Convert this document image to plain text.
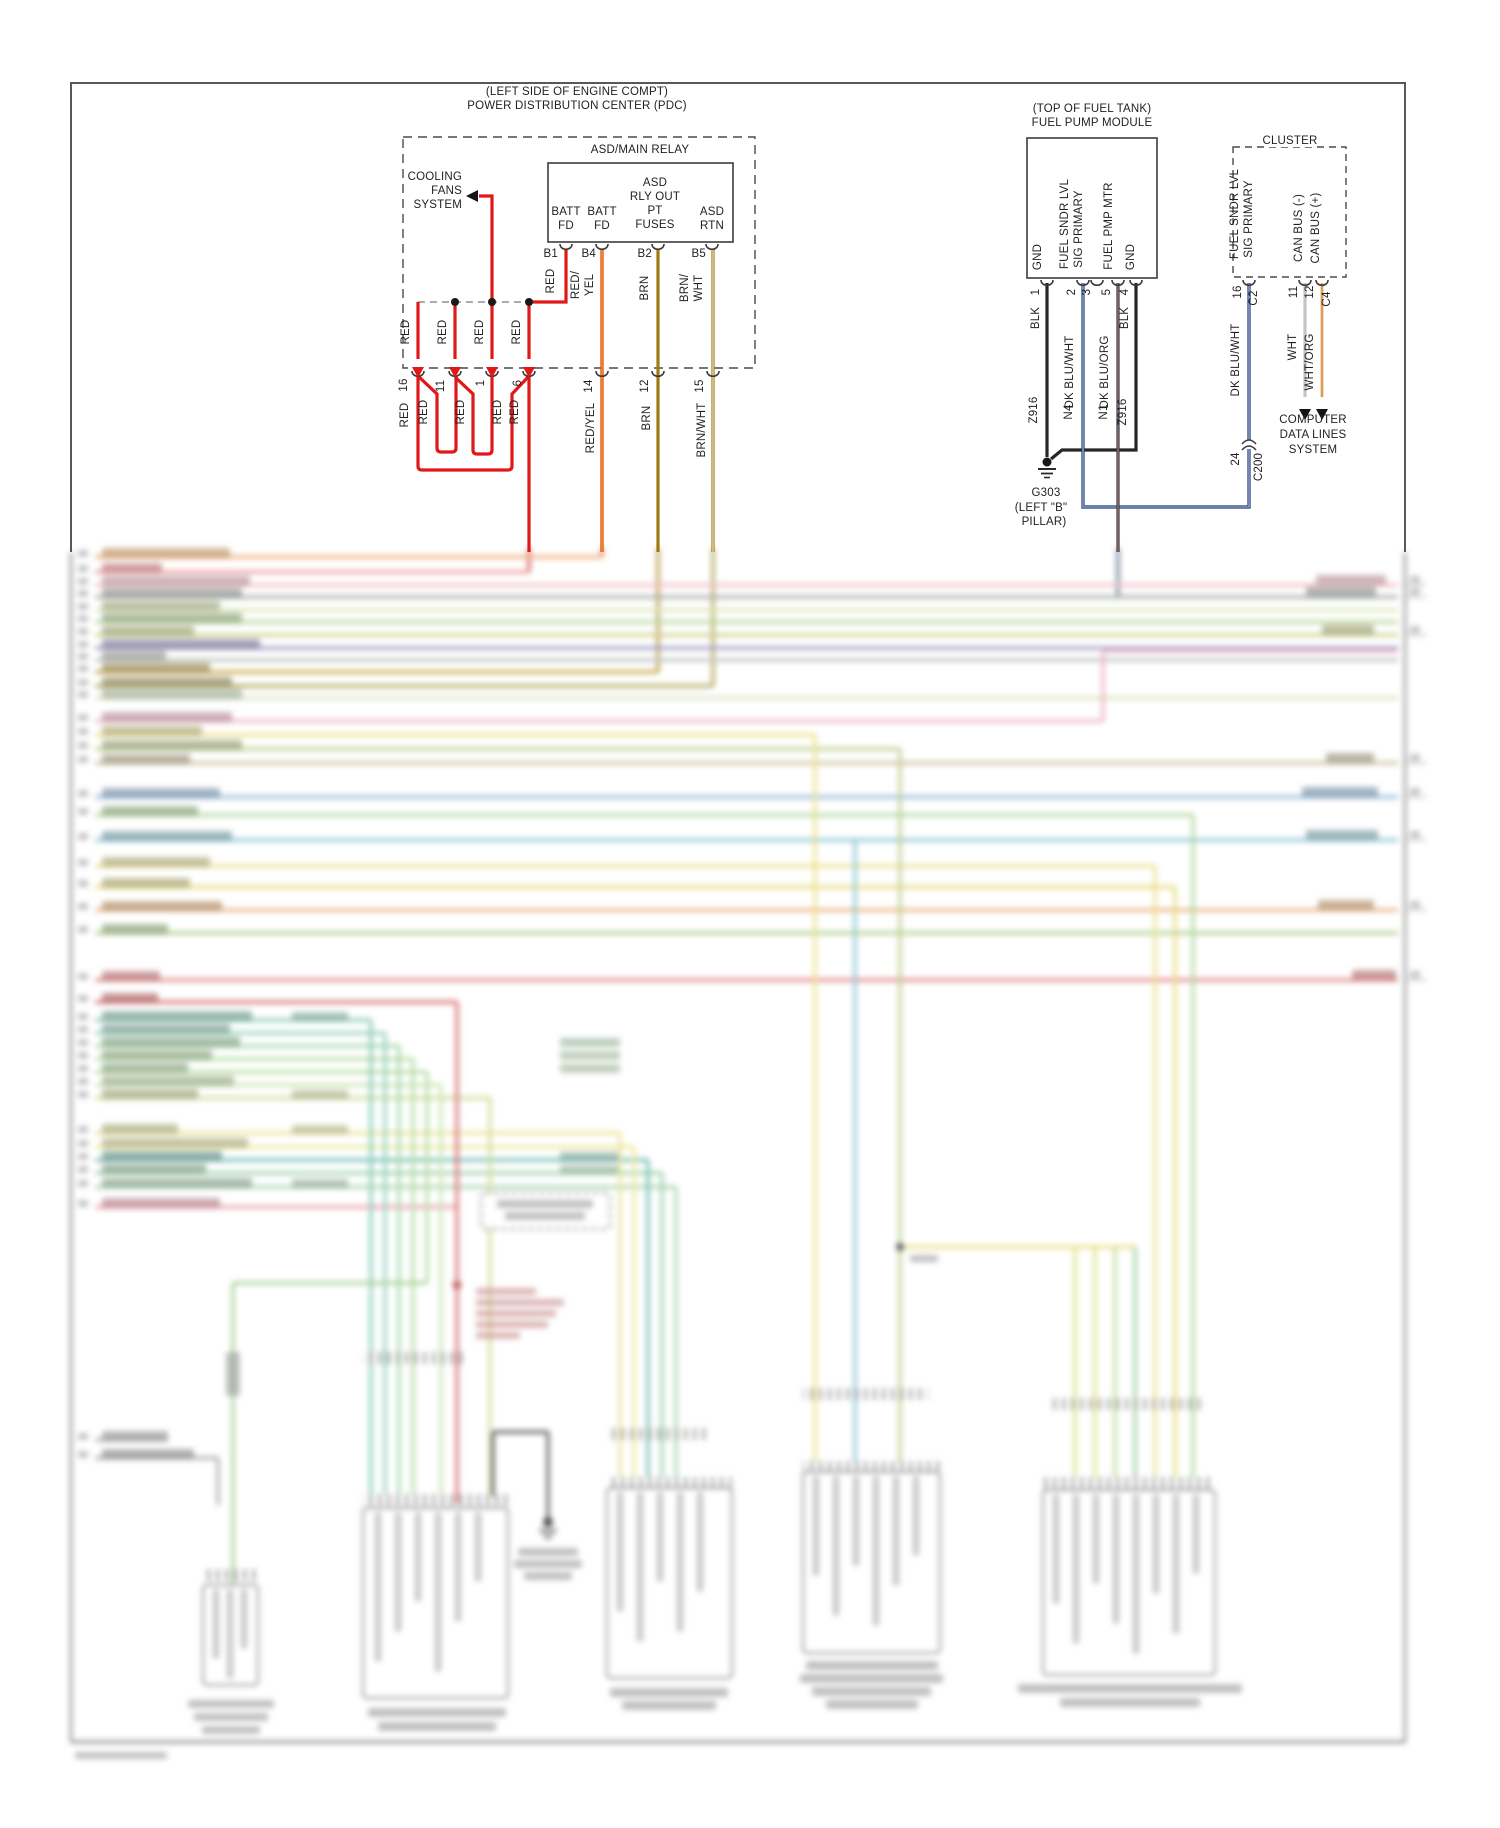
(LEFT SIDE OF ENGINE COMPT)
POWER DISTRIBUTION CENTER (PDC)
ASD/MAIN RELAY
BATT
FD
BATT
FD
ASD
RLY OUT
PT
FUSES
ASD
RTN
B1 B4	B2	B5
COOLING
FANS
SYSTEM
RED RED/ YEL	BRN BRN/ WHT
RED RED RED RED
16 11 1 6
RED RED RED RED RED
14
RED/YEL
12
BRN
15
BRN/WHT
(TOP OF FUEL TANK)
FUEL PUMP MODULE
GND FUEL SNDR LVL SIG PRIMARY FUEL PMP MTR GND
1 2 3 5 4
BLK
Z916
DK BLU/WHT
N4
DK BLU/ORG
N1
BLK
Z916
G303
(LEFT "B"
PILLAR)
CLUSTER
FUEL SNDR LVL SIG PRIMARY	CAN BUS (-) CAN BUS (+)
16 C2 11 12 C4
DK BLU/WHT
24 C200
WHT WHT/ORG
COMPUTER
DATA LINES
SYSTEM
